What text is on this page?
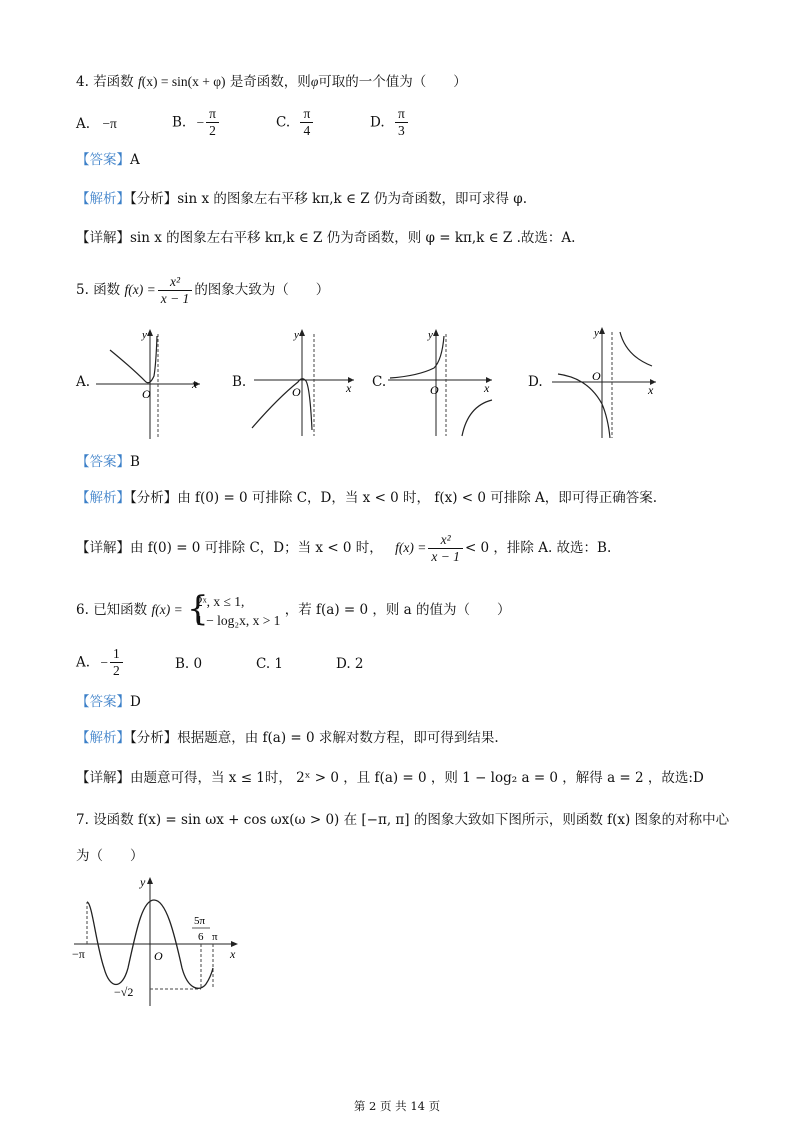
4. 若函数 f(x) = sin(x + φ) 是奇函数，则φ可取的一个值为（　　）
A. −π	B. − $\frac{\pi}{2}$	C. $\frac{\pi}{4}$	D. $\frac{\pi}{3}$
【答案】A
【解析】【分析】sin x 的图象左右平移 kπ,k ∈ Z 仍为奇函数，即可求得 φ.
【详解】sin x 的图象左右平移 kπ,k ∈ Z 仍为奇函数，则 φ = kπ,k ∈ Z .故选：A.
5. 函数 $f(x) = \frac{\text{x²}}{x - 1}$ 的图象大致为（　　）
A.	B.	C.	D.
O
x
y
O	x
y
O	x
y
O
x
y
【答案】B
【解析】【分析】由 f(0) = 0 可排除 C，D，当 x < 0 时， f(x) < 0 可排除 A，即可得正确答案.
【详解】由 f(0) = 0 可排除 C，D；当 x < 0 时， $f(x) = \frac{\text{x²}}{x - 1} < 0$ ，排除 A. 故选：B.
6. 已知函数 f(x) = {
2ˣ, x ≤ 1,
1 − log₂x, x > 1
，若 f(a) = 0 ，则 a 的值为（　　）
A. − $\frac{1}{2}$	B. 0	C. 1	D. 2
【答案】D
【解析】【分析】根据题意，由 f(a) = 0 求解对数方程，即可得到结果.
【详解】由题意可得，当 x ≤ 1时， 2ˣ > 0 ，且 f(a) = 0 ，则 1 − log₂ a = 0 ，解得 a = 2 ，故选:D
7. 设函数 f(x) = sin ωx + cos ωx(ω > 0) 在 [−π, π] 的图象大致如下图所示，则函数 f(x) 图象的对称中心
为（　　）
−π	O
y
x
5π
6 π
−√2
第 2 页 共 14 页
